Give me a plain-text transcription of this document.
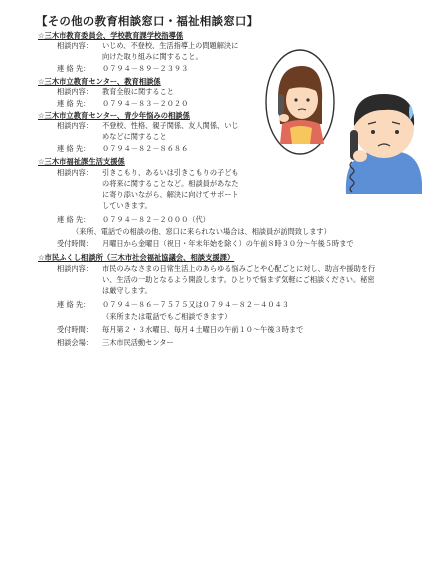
【その他の教育相談窓口・福祉相談窓口】
☆三木市教育委員会、学校教育課学校指導係
相談内容： いじめ、不登校、生活指導上の問題解決に
向けた取り組みに関すること。
連 絡 先： ０７９４－８９－２３９３
☆三木市立教育センター、教育相談係
相談内容： 教育全般に関すること
連 絡 先： ０７９４－８３－２０２０
☆三木市立教育センター、青少年悩みの相談係
相談内容： 不登校、性格、親子関係、友人関係、いじ
めなどに関すること
連 絡 先： ０７９４－８２－８６８６
☆三木市福祉課生活支援係
相談内容： 引きこもり、あるいは引きこもりの子ども
の将来に関することなど。相談員があなた
に寄り添いながら、解決に向けてサポート
していきます。
連 絡 先： ０７９４－８２－２０００（代）
（来所、電話での相談の他、窓口に来られない場合は、相談員が訪問致します）
受付時間： 月曜日から金曜日（祝日・年末年始を除く）の午前８時３０分～午後５時まで
☆市民ふくし相談所（三木市社会福祉協議会、相談支援課）
相談内容： 市民のみなさまの日常生活上のあらゆる悩みごとや心配ごとに対し、助言や援助を行
い、生活の一助となるよう開設します。ひとりで悩まず気軽にご相談ください。秘密
は厳守します。
連 絡 先： ０７９４－８６－７５７５又は０７９４－８２－４０４３
（来所または電話でもご相談できます）
受付時間： 毎月第２・３水曜日、毎月４土曜日の午前１０～午後３時まで
相談会場： 三木市民活動センター
